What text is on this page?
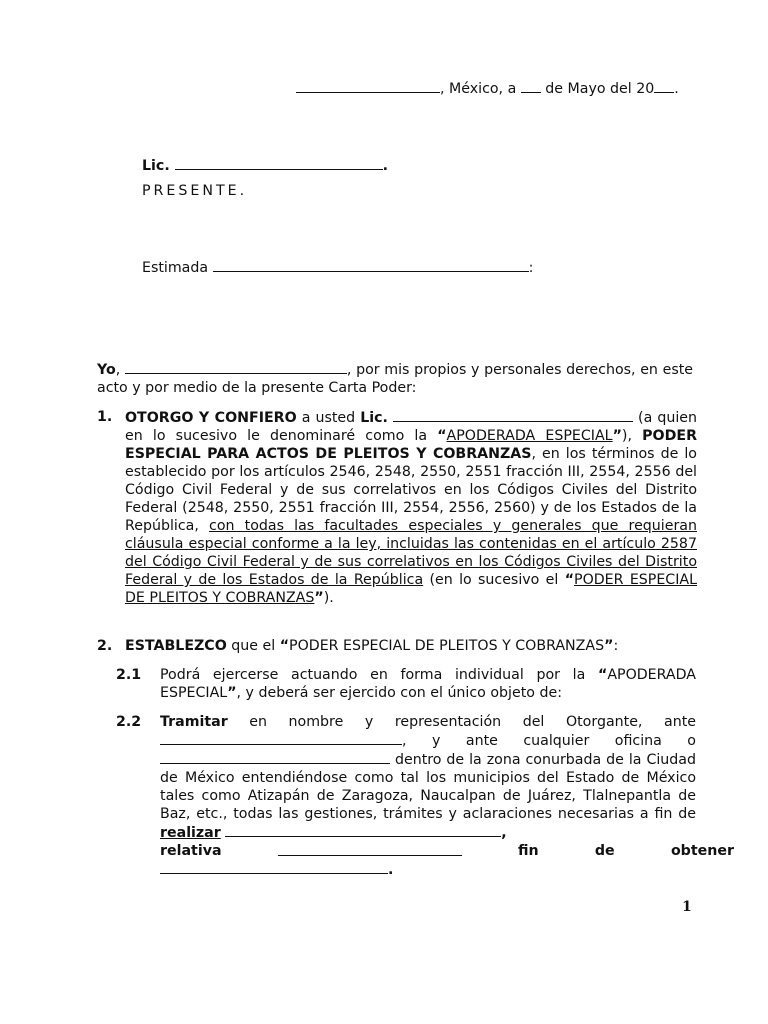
, México, a  de Mayo del 20 .
Lic.	.
PRESENTE.
Estimada	:
Yo,	, por mis propios y personales derechos, en este acto y por medio de la presente Carta Poder:
1. OTORGO Y CONFIERO a usted Lic.	(a quien en lo sucesivo le denominaré como la “APODERADA ESPECIAL”), PODER ESPECIAL PARA ACTOS DE PLEITOS Y COBRANZAS, en los términos de lo establecido por los artículos 2546, 2548, 2550, 2551 fracción III, 2554, 2556 del Código Civil Federal y de sus correlativos en los Códigos Civiles del Distrito Federal (2548, 2550, 2551 fracción III, 2554, 2556, 2560) y de los Estados de la República, con todas las facultades especiales y generales que requieran cláusula especial conforme a la ley, incluidas las contenidas en el artículo 2587 del Código Civil Federal y de sus correlativos en los Códigos Civiles del Distrito Federal y de los Estados de la República (en lo sucesivo el “PODER ESPECIAL DE PLEITOS Y COBRANZAS”).
2. ESTABLEZCO que el “PODER ESPECIAL DE PLEITOS Y COBRANZAS”:
2.1 Podrá ejercerse actuando en forma individual por la “APODERADA ESPECIAL”, y deberá ser ejercido con el único objeto de:
2.2 Tramitar en nombre y representación del Otorgante, ante , y ante cualquier oficina o  dentro de la zona conurbada de la Ciudad de México entendiéndose como tal los municipios del Estado de México tales como Atizapán de Zaragoza, Naucalpan de Juárez, Tlalnepantla de Baz, etc., todas las gestiones, trámites y aclaraciones necesarias a fin de realizar	,
relativa	fin	de	obtener
.
1
